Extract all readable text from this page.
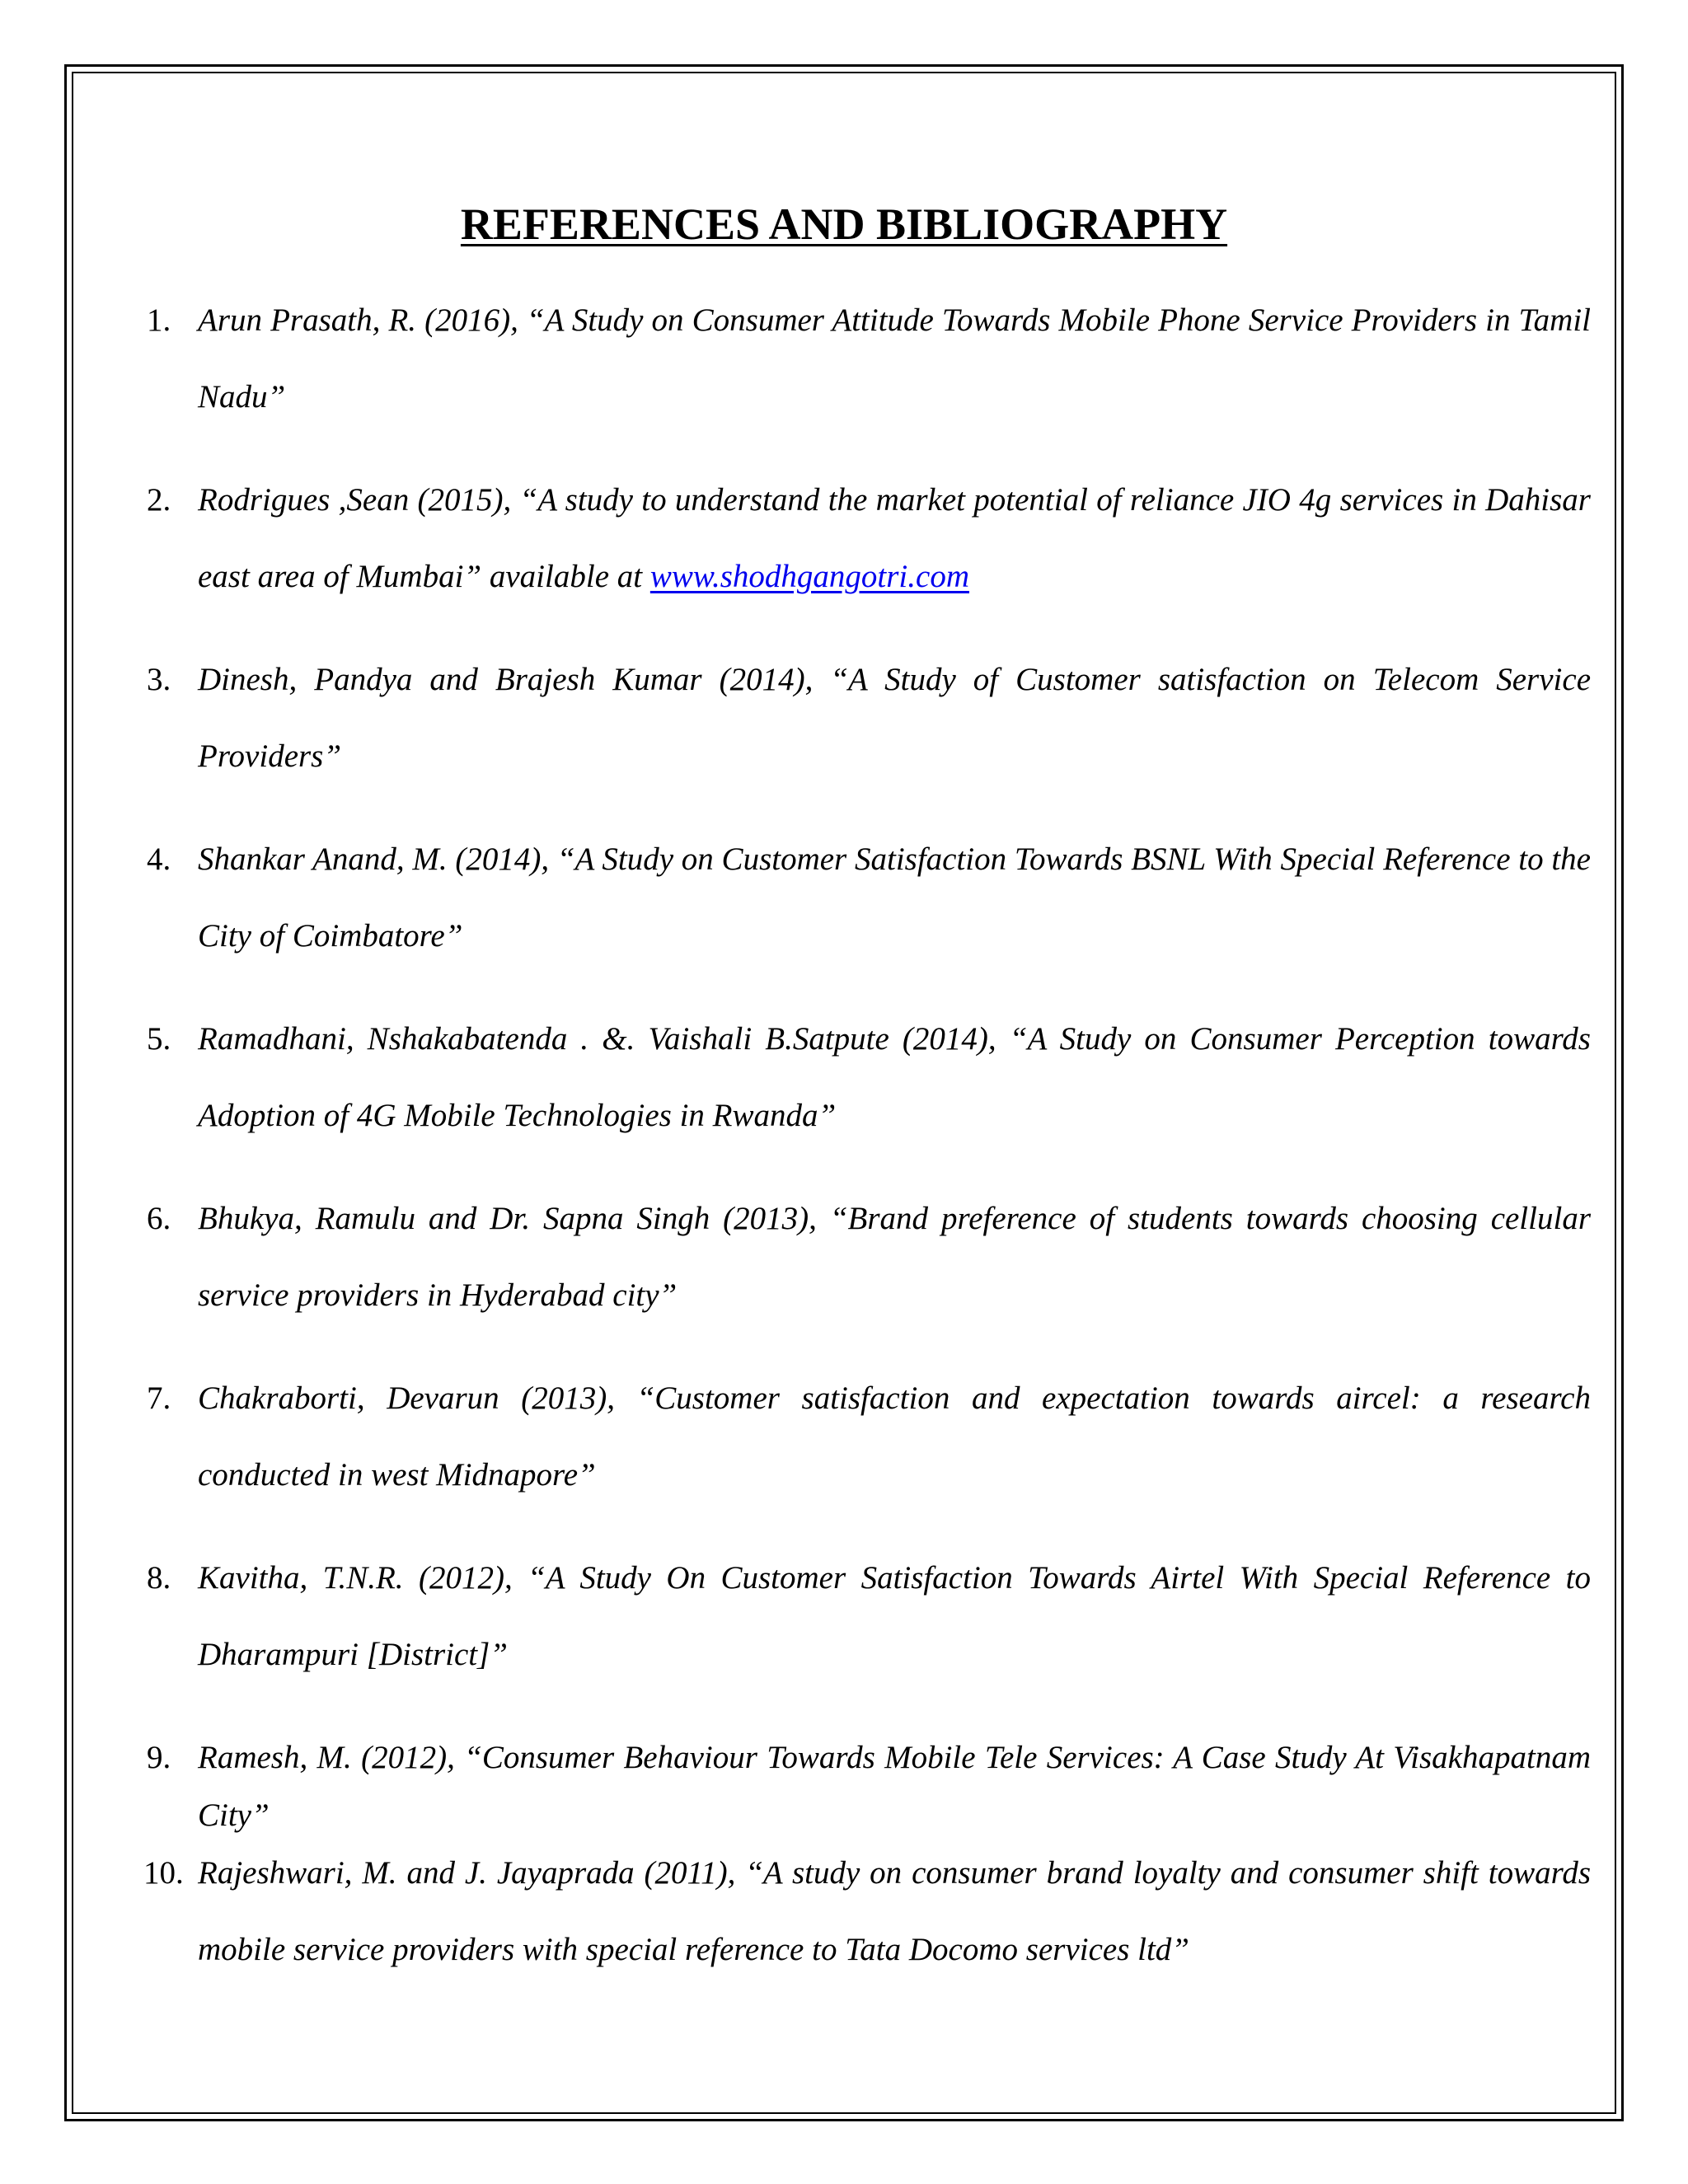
REFERENCES AND BIBLIOGRAPHY
1. Arun Prasath, R. (2016), “A Study on Consumer Attitude Towards Mobile Phone Service Providers in Tamil Nadu”
2. Rodrigues ,Sean (2015), “A study to understand the market potential of reliance JIO 4g services in Dahisar east area of Mumbai” available at www.shodhgangotri.com
3. Dinesh, Pandya and Brajesh Kumar (2014), “A Study of Customer satisfaction on Telecom Service Providers”
4. Shankar Anand, M. (2014), “A Study on Customer Satisfaction Towards BSNL With Special Reference to the City of Coimbatore”
5. Ramadhani, Nshakabatenda . &. Vaishali B.Satpute (2014), “A Study on Consumer Perception towards Adoption of 4G Mobile Technologies in Rwanda”
6. Bhukya, Ramulu and Dr. Sapna Singh (2013), “Brand preference of students towards choosing cellular service providers in Hyderabad city”
7. Chakraborti, Devarun (2013), “Customer satisfaction and expectation towards aircel: a research conducted in west Midnapore”
8. Kavitha, T.N.R. (2012), “A Study On Customer Satisfaction Towards Airtel With Special Reference to Dharampuri [District]”
9. Ramesh, M. (2012), “Consumer Behaviour Towards Mobile Tele Services: A Case Study At Visakhapatnam City”
10. Rajeshwari, M. and J. Jayaprada (2011), “A study on consumer brand loyalty and consumer shift towards mobile service providers with special reference to Tata Docomo services ltd”
